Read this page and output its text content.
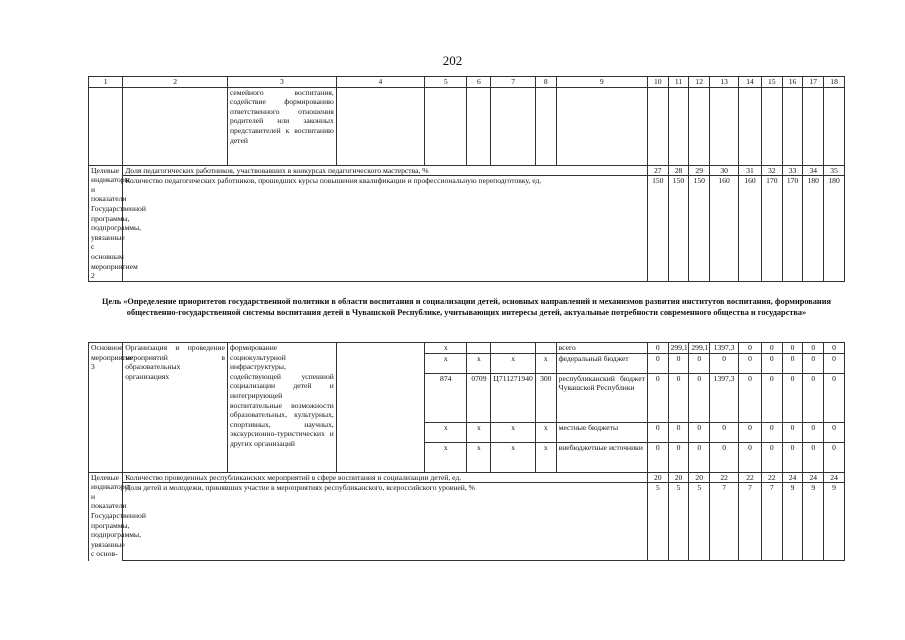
202
1	2	3	4	5	6	7	8	9	10	11	12	13	14	15	16	17	18
		семейного воспитания, содействие формированию ответственного отношения родителей или законных представителей к воспитанию детей															
Целевые индикаторы и показатели Государственной программы, подпрограммы, увязанные с основным мероприятием 2	Доля педагогических работников, участвовавших в конкурсах педагогического мастерства, %								27	28	29	30	31	32	33	34	35
	Количество педагогических работников, прошедших курсы повышения квалификации и профессиональную переподготовку, ед.								150	150	150	160	160	170	170	180	180
Цель «Определение приоритетов государственной политики в области воспитания и социализации детей, основных направлений и механизмов развития институтов воспитания, формирования общественно-государственной системы воспитания детей в Чувашской Республике, учитывающих интересы детей, актуальные потребности современного общества и государства»
Основное мероприятие 3	Организация и проведение мероприятий в образовательных организациях	формирование социокультурной инфраструктуры, содействующей успешной социализации детей и интегрирующей воспитательные возможности образовательных, культурных, спортивных, научных, экскурсионно-туристических и других организаций		x				всего	0	299,1	299,1	1397,3	0	0	0	0	0
				x	x	x	x	федеральный бюджет	0	0	0	0	0	0	0	0	0
				874	0709	Ц711271940	300	республиканский бюджет Чувашской Республики	0	0	0	1397,3	0	0	0	0	0
				x	x	x	x	местные бюджеты	0	0	0	0	0	0	0	0	0
				x	x	x	x	внебюджетные источники	0	0	0	0	0	0	0	0	0
Целевые индикаторы и показатели Государственной программы, подпрограммы, увязанные с основ-	Количество проведенных республиканских мероприятий в сфере воспитания и социализации детей, ед.								20	20	20	22	22	22	24	24	24
	Доля детей и молодежи, принявших участие в мероприятиях республиканского, всероссийского уровней, %								5	5	5	7	7	7	9	9	9
